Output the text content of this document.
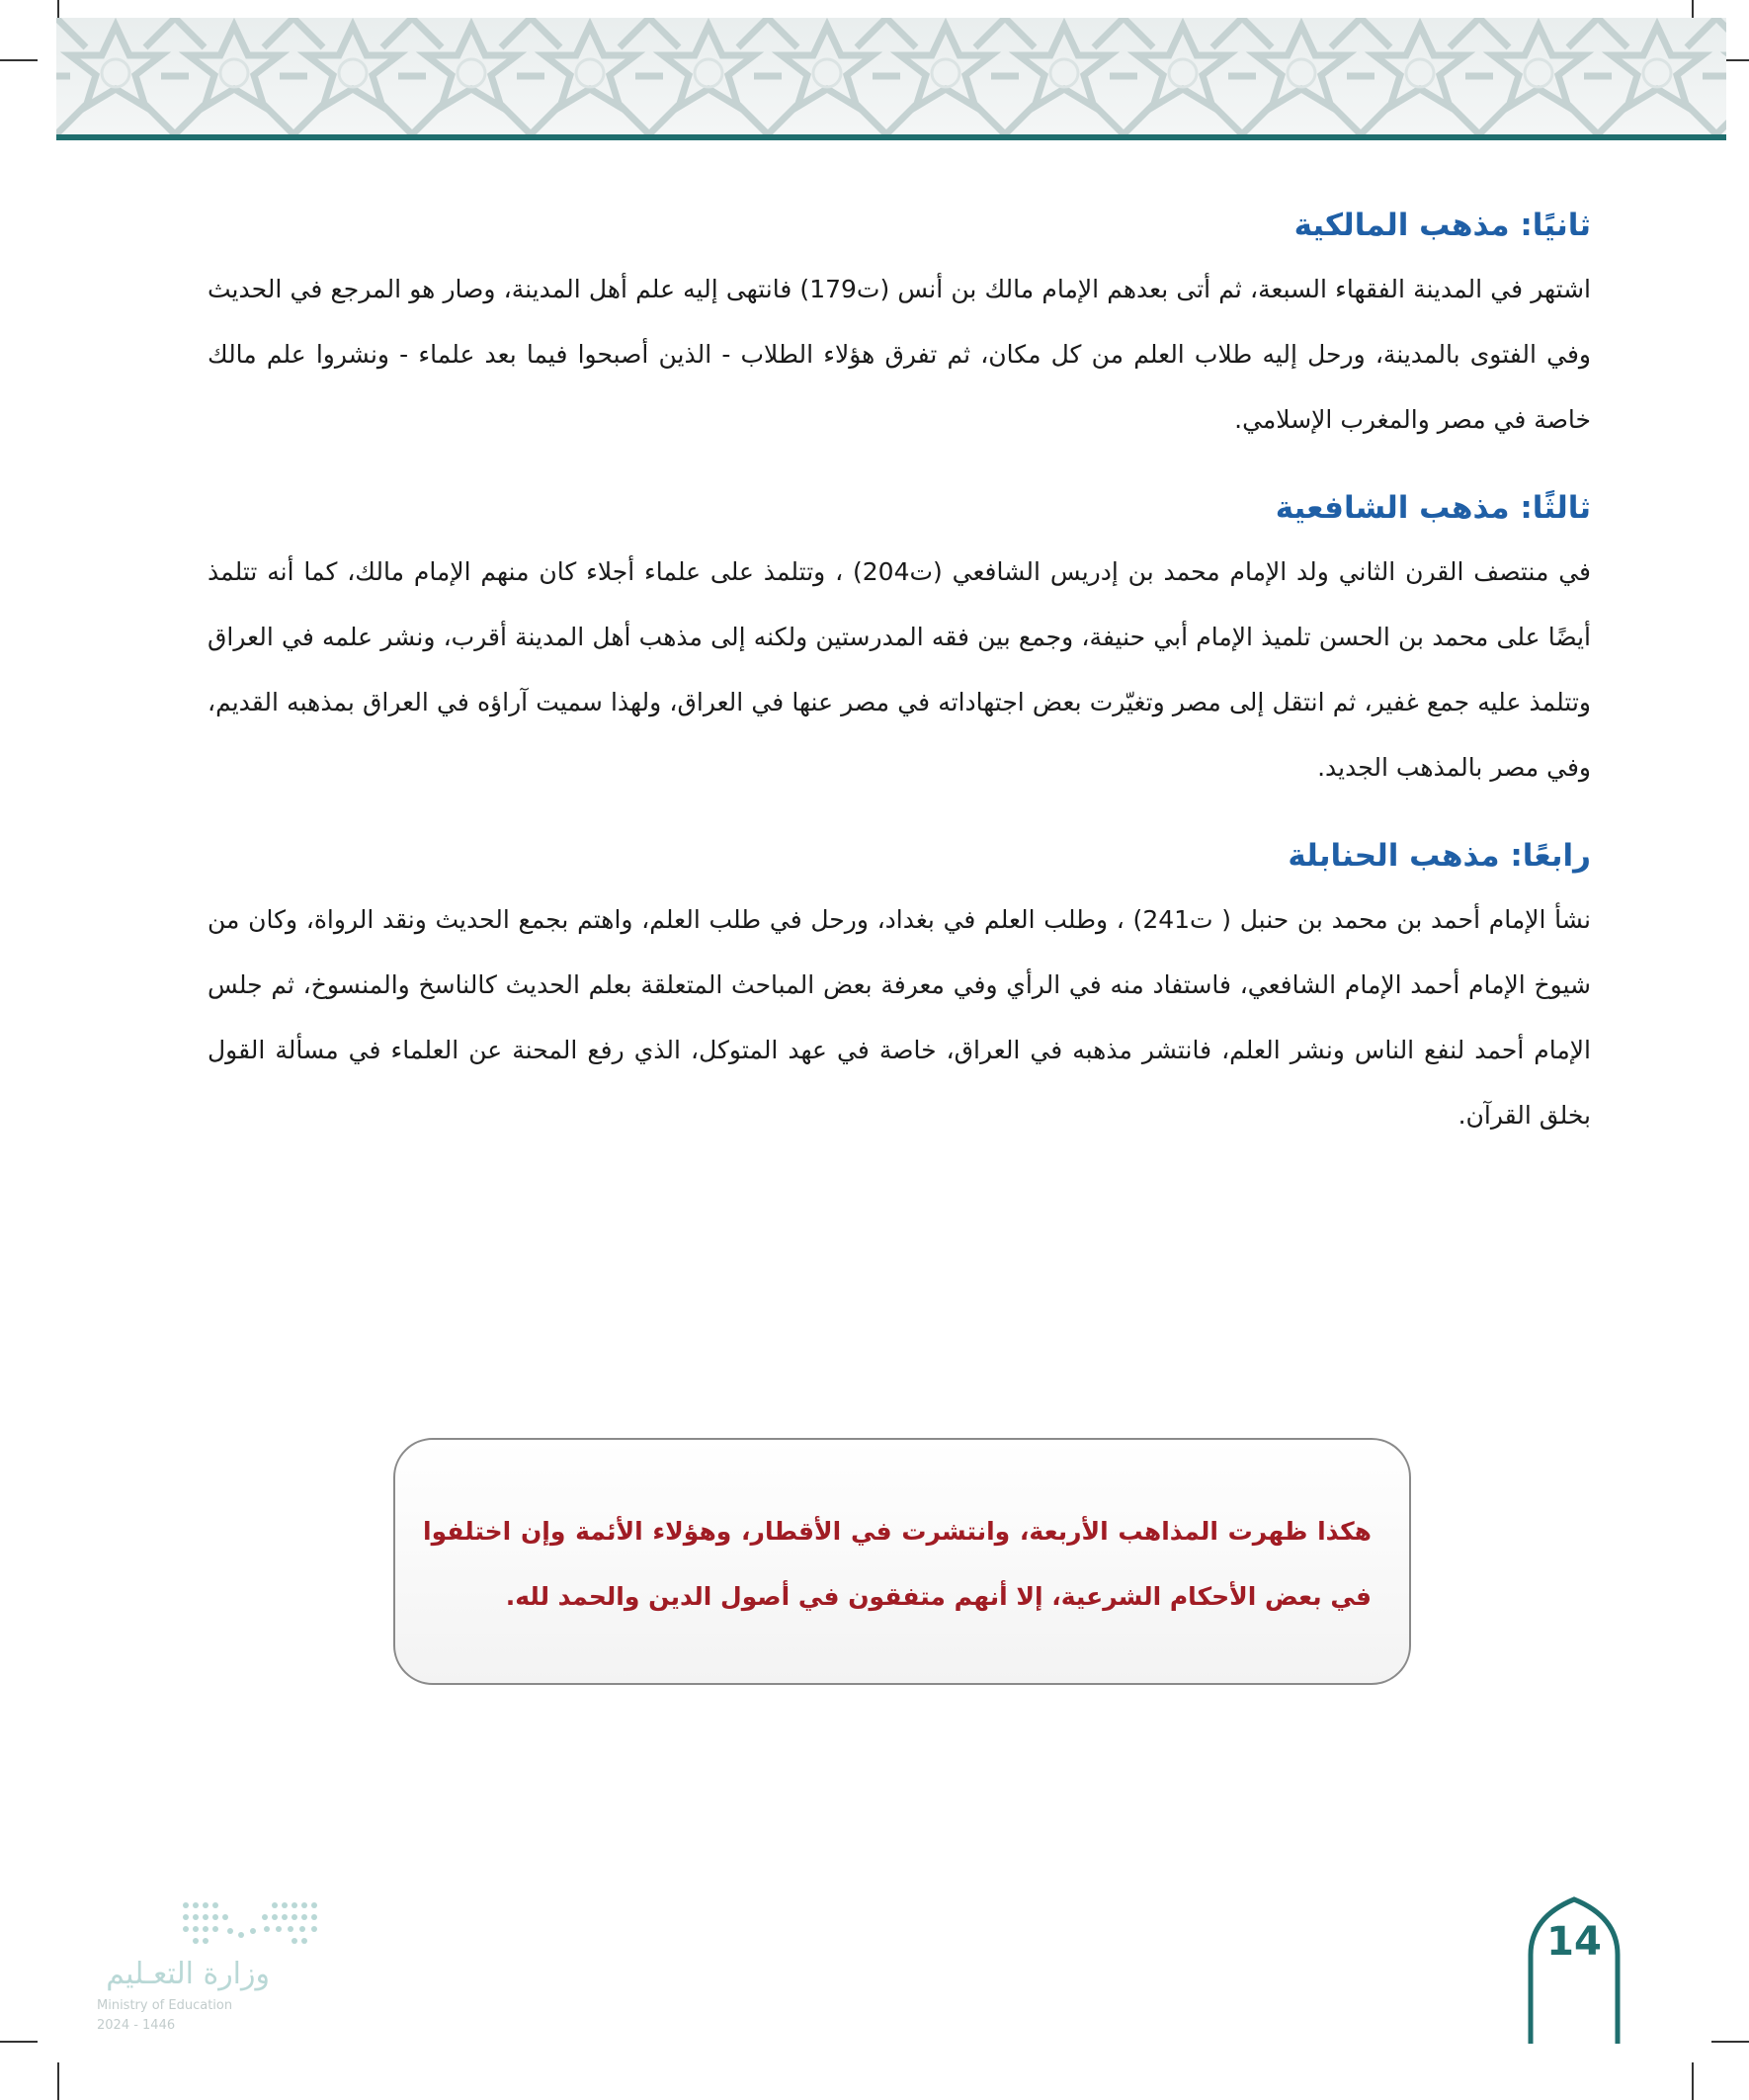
ثانيًا: مذهب المالكية

اشتهر في المدينة الفقهاء السبعة، ثم أتى بعدهم الإمام مالك بن أنس (ت179) فانتهى إليه علم أهل المدينة، وصار هو المرجع في الحديث وفي الفتوى بالمدينة، ورحل إليه طلاب العلم من كل مكان، ثم تفرق هؤلاء الطلاب - الذين أصبحوا فيما بعد علماء - ونشروا علم مالك خاصة في مصر والمغرب الإسلامي.

ثالثًا: مذهب الشافعية

في منتصف القرن الثاني ولد الإمام محمد بن إدريس الشافعي (ت204) ، وتتلمذ على علماء أجلاء كان منهم الإمام مالك، كما أنه تتلمذ أيضًا على محمد بن الحسن تلميذ الإمام أبي حنيفة، وجمع بين فقه المدرستين ولكنه إلى مذهب أهل المدينة أقرب، ونشر علمه في العراق وتتلمذ عليه جمع غفير، ثم انتقل إلى مصر وتغيّرت بعض اجتهاداته في مصر عنها في العراق، ولهذا سميت آراؤه في العراق بمذهبه القديم، وفي مصر بالمذهب الجديد.

رابعًا: مذهب الحنابلة

نشأ الإمام أحمد بن محمد بن حنبل ( ت241) ، وطلب العلم في بغداد، ورحل في طلب العلم، واهتم بجمع الحديث ونقد الرواة، وكان من شيوخ الإمام أحمد الإمام الشافعي، فاستفاد منه في الرأي وفي معرفة بعض المباحث المتعلقة بعلم الحديث كالناسخ والمنسوخ، ثم جلس الإمام أحمد لنفع الناس ونشر العلم، فانتشر مذهبه في العراق، خاصة في عهد المتوكل، الذي رفع المحنة عن العلماء في مسألة القول بخلق القرآن.

هكذا ظهرت المذاهب الأربعة، وانتشرت في الأقطار، وهؤلاء الأئمة وإن اختلفوا في بعض الأحكام الشرعية، إلا أنهم متفقون في أصول الدين والحمد لله.

وزارة التعـليم
Ministry of Education
2024 - 1446
14
